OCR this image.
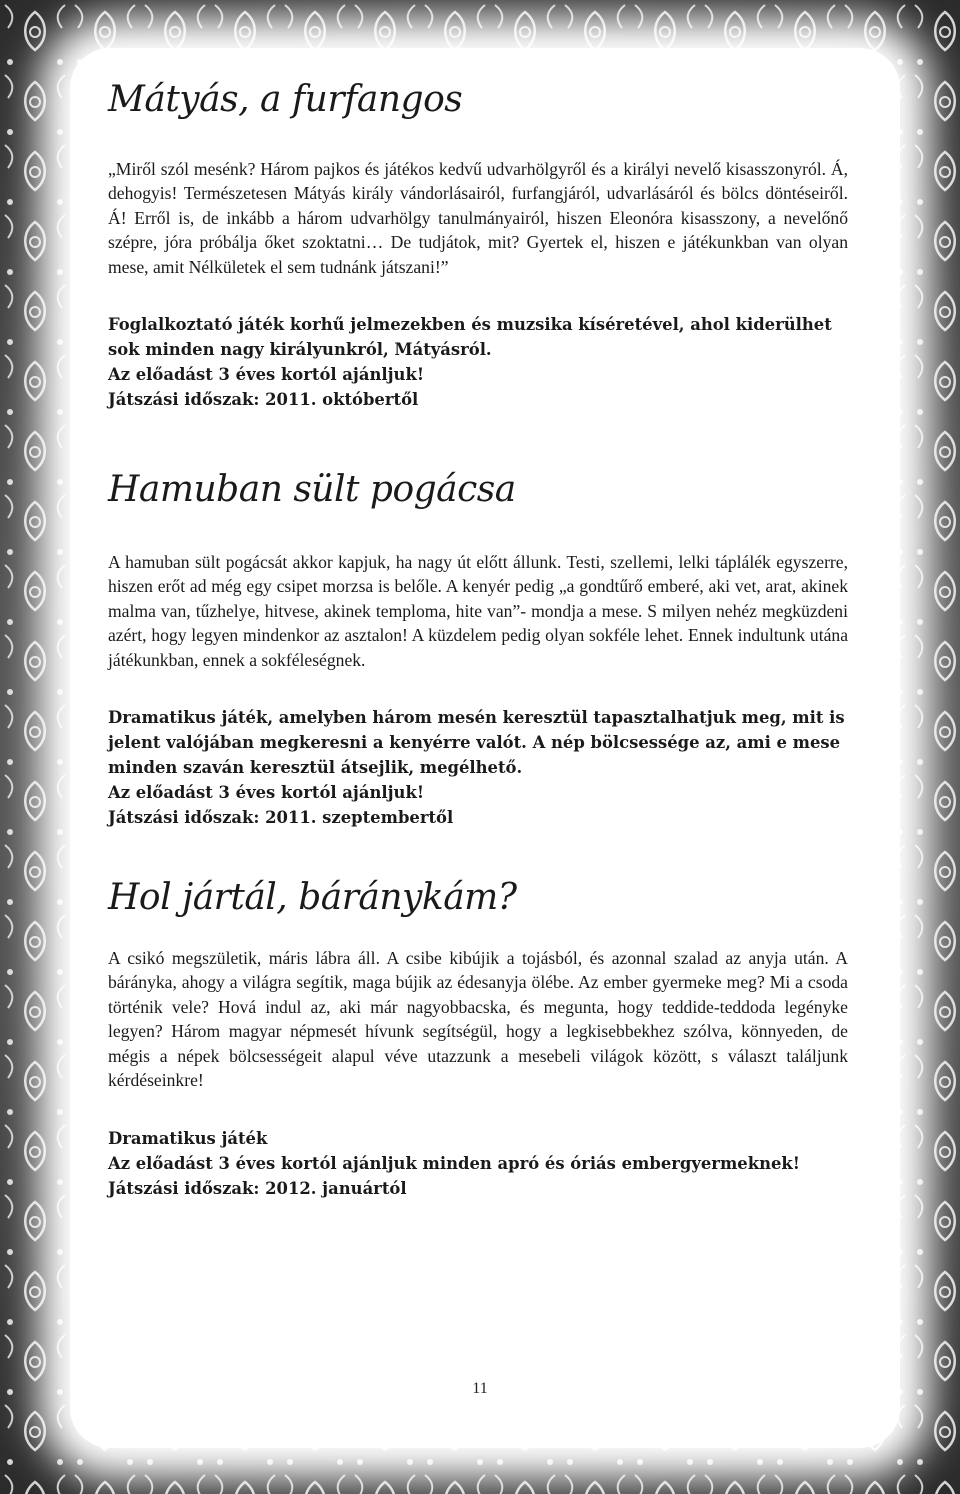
Mátyás, a furfangos

„Miről szól mesénk? Három pajkos és játékos kedvű udvarhölgyről és a királyi nevelő kisasszonyról. Á, dehogyis! Természetesen Mátyás király vándorlásairól, furfangjáról, udvarlásáról és bölcs döntéseiről. Á! Erről is, de inkább a három udvarhölgy tanulmányairól, hiszen Eleonóra kisasszony, a nevelőnő szépre, jóra próbálja őket szoktatni… De tudjátok, mit? Gyertek el, hiszen e játékunkban van olyan mese, amit Nélkületek el sem tudnánk játszani!”

Foglalkoztató játék korhű jelmezekben és muzsika kíséretével, ahol kiderülhet sok minden nagy királyunkról, Mátyásról.

Az előadást 3 éves kortól ajánljuk!

Játszási időszak: 2011. októbertől

Hamuban sült pogácsa

A hamuban sült pogácsát akkor kapjuk, ha nagy út előtt állunk. Testi, szellemi, lelki táplálék egyszerre, hiszen erőt ad még egy csipet morzsa is belőle. A kenyér pedig „a gondtűrő emberé, aki vet, arat, akinek malma van, tűzhelye, hitvese, akinek temploma, hite van”- mondja a mese. S milyen nehéz megküzdeni azért, hogy legyen mindenkor az asztalon! A küzdelem pedig olyan sokféle lehet. Ennek indultunk utána játékunkban, ennek a sokféleségnek.

Dramatikus játék, amelyben három mesén keresztül tapasztalhatjuk meg, mit is jelent valójában megkeresni a kenyérre valót. A nép bölcsessége az, ami e mese minden szaván keresztül átsejlik, megélhető.

Az előadást 3 éves kortól ajánljuk!

Játszási időszak: 2011. szeptembertől

Hol jártál, báránykám?

A csikó megszületik, máris lábra áll. A csibe kibújik a tojásból, és azonnal szalad az anyja után. A bárányka, ahogy a világra segítik, maga bújik az édesanyja ölébe. Az ember gyermeke meg? Mi a csoda történik vele? Hová indul az, aki már nagyobbacska, és megunta, hogy teddide-teddoda legényke legyen? Három magyar népmesét hívunk segítségül, hogy a legkisebbekhez szólva, könnyeden, de mégis a népek bölcsességeit alapul véve utazzunk a mesebeli világok között, s választ találjunk kérdéseinkre!

Dramatikus játék

Az előadást 3 éves kortól ajánljuk minden apró és óriás embergyermeknek!

Játszási időszak: 2012. januártól

11
